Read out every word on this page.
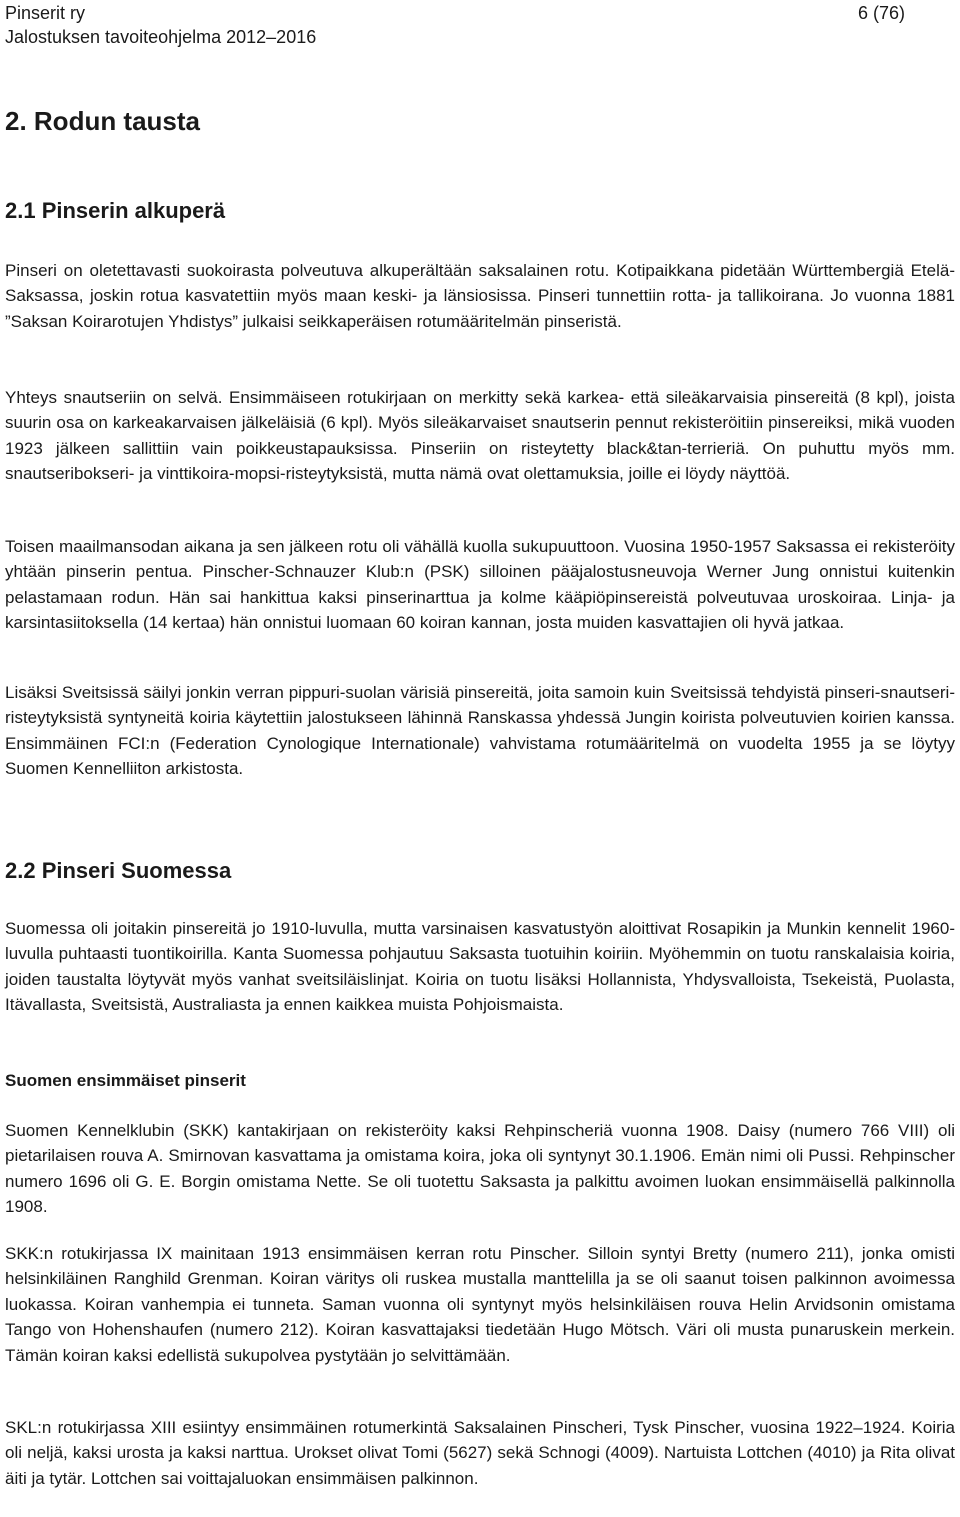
Pinserit ry
Jalostuksen tavoiteohjelma 2012–2016
6 (76)
2. Rodun tausta
2.1 Pinserin alkuperä

Pinseri on oletettavasti suokoirasta polveutuva alkuperältään saksalainen rotu. Kotipaikkana pidetään Württembergiä Etelä-Saksassa, joskin rotua kasvatettiin myös maan keski- ja länsiosissa. Pinseri tunnettiin rotta- ja tallikoirana. Jo vuonna 1881 ”Saksan Koirarotujen Yhdistys” julkaisi seikkaperäisen rotumääritelmän pinseristä.

Yhteys snautseriin on selvä. Ensimmäiseen rotukirjaan on merkitty sekä karkea- että sileäkarvaisia pinsereitä (8 kpl), joista suurin osa on karkeakarvaisen jälkeläisiä (6 kpl). Myös sileäkarvaiset snautserin pennut rekisteröitiin pinsereiksi, mikä vuoden 1923 jälkeen sallittiin vain poikkeustapauksissa. Pinseriin on risteytetty black&tan-terrieriä. On puhuttu myös mm. snautseribokseri- ja vinttikoira-mopsi-risteytyksistä, mutta nämä ovat olettamuksia, joille ei löydy näyttöä.

Toisen maailmansodan aikana ja sen jälkeen rotu oli vähällä kuolla sukupuuttoon. Vuosina 1950-1957 Saksassa ei rekisteröity yhtään pinserin pentua. Pinscher-Schnauzer Klub:n (PSK) silloinen pääjalostusneuvoja Werner Jung onnistui kuitenkin pelastamaan rodun. Hän sai hankittua kaksi pinserinarttua ja kolme kääpiöpinsereistä polveutuvaa uroskoiraa. Linja- ja karsintasiitoksella (14 kertaa) hän onnistui luomaan 60 koiran kannan, josta muiden kasvattajien oli hyvä jatkaa.

Lisäksi Sveitsissä säilyi jonkin verran pippuri-suolan värisiä pinsereitä, joita samoin kuin Sveitsissä tehdyistä pinseri-snautseri-risteytyksistä syntyneitä koiria käytettiin jalostukseen lähinnä Ranskassa yhdessä Jungin koirista polveutuvien koirien kanssa. Ensimmäinen FCI:n (Federation Cynologique Internationale) vahvistama rotumääritelmä on vuodelta 1955 ja se löytyy Suomen Kennelliiton arkistosta.

2.2 Pinseri Suomessa

Suomessa oli joitakin pinsereitä jo 1910-luvulla, mutta varsinaisen kasvatustyön aloittivat Rosapikin ja Munkin kennelit 1960-luvulla puhtaasti tuontikoirilla. Kanta Suomessa pohjautuu Saksasta tuotuihin koiriin. Myöhemmin on tuotu ranskalaisia koiria, joiden taustalta löytyvät myös vanhat sveitsiläislinjat. Koiria on tuotu lisäksi Hollannista, Yhdysvalloista, Tsekeistä, Puolasta, Itävallasta, Sveitsistä, Australiasta ja ennen kaikkea muista Pohjoismaista.

Suomen ensimmäiset pinserit

Suomen Kennelklubin (SKK) kantakirjaan on rekisteröity kaksi Rehpinscheriä vuonna 1908. Daisy (numero 766 VIII) oli pietarilaisen rouva A. Smirnovan kasvattama ja omistama koira, joka oli syntynyt 30.1.1906. Emän nimi oli Pussi. Rehpinscher numero 1696 oli G. E. Borgin omistama Nette. Se oli tuotettu Saksasta ja palkittu avoimen luokan ensimmäisellä palkinnolla 1908.

SKK:n rotukirjassa IX mainitaan 1913 ensimmäisen kerran rotu Pinscher. Silloin syntyi Bretty (numero 211), jonka omisti helsinkiläinen Ranghild Grenman. Koiran väritys oli ruskea mustalla manttelilla ja se oli saanut toisen palkinnon avoimessa luokassa. Koiran vanhempia ei tunneta. Saman vuonna oli syntynyt myös helsinkiläisen rouva Helin Arvidsonin omistama Tango von Hohenshaufen (numero 212). Koiran kasvattajaksi tiedetään Hugo Mötsch. Väri oli musta punaruskein merkein. Tämän koiran kaksi edellistä sukupolvea pystytään jo selvittämään.

SKL:n rotukirjassa XIII esiintyy ensimmäinen rotumerkintä Saksalainen Pinscheri, Tysk Pinscher, vuosina 1922–1924. Koiria oli neljä, kaksi urosta ja kaksi narttua. Urokset olivat Tomi (5627) sekä Schnogi (4009). Nartuista Lottchen (4010) ja Rita olivat äiti ja tytär. Lottchen sai voittajaluokan ensimmäisen palkinnon.
